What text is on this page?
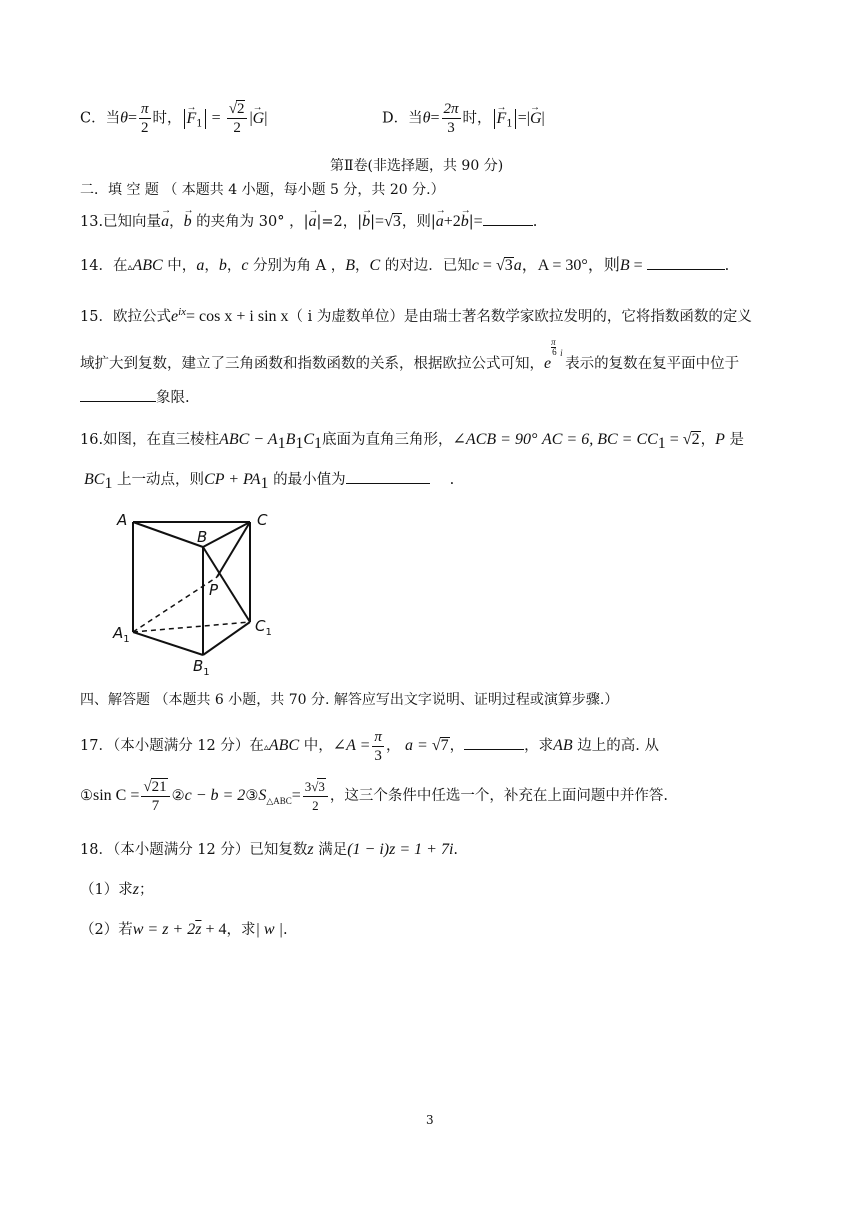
C．当$\theta= \frac{\pi}{2}$ 时， → $F_1 = \frac{√2}{2}$ |→ G|	D．当$\theta= \frac{2\pi}{3}$ 时， → $F_1$ =|→ G|
第Ⅱ卷(非选择题，共 90 分)
二．填 空 题 （ 本题共 4 小题，每小题 5 分，共 20 分.）
13.已知向量→ a，→ b 的夹角为 30° ，|→ a|=2，|→ b|=√3，则|→ a+2→ b|=	.
14．在▵ABC 中，a，b，c 分别为角 A ，B，C 的对边．已知c = √3a，A = 30°，则B =	.
15．欧拉公式$e^{ix}= \cos x + i$ sin x（ i 为虚数单位）是由瑞士著名数学家欧拉发明的，它将指数函数的定义
域扩大到复数，建立了三角函数和指数函数的关系，根据欧拉公式可知，e
π
6 i
表示的复数在复平面中位于
象限.
16.如图，在直三棱柱ABC − $A_1B_1C_1$底面为直角三角形，∠ACB = 90° AC = 6, BC = $CC_1 = √2$，P 是
$BC_1$ 上一动点，则CP + $PA_1$ 的最小值为	.
A
B
C
P
$A_1$
$C_1$
$B_1$
四、解答题 （本题共 6 小题，共 70 分. 解答应写出文字说明、证明过程或演算步骤.）
17．（本小题满分 12 分）在▵ABC 中，∠A = $\frac{\pi}{3}$ ， a = √7，	，求AB 边上的高. 从
①sin $C = \frac{√21}{7}$ ②c − $b = 2③S_{\triangle ABC}= \frac{3√3}{2}$ ，这三个条件中任选一个，补充在上面问题中并作答.
18．（本小题满分 12 分）已知复数z 满足(1 − i)z = 1 + 7i.
（1）求z；
（2）若$w = z + 2\overline{z} + 4$，求| w |.
3
